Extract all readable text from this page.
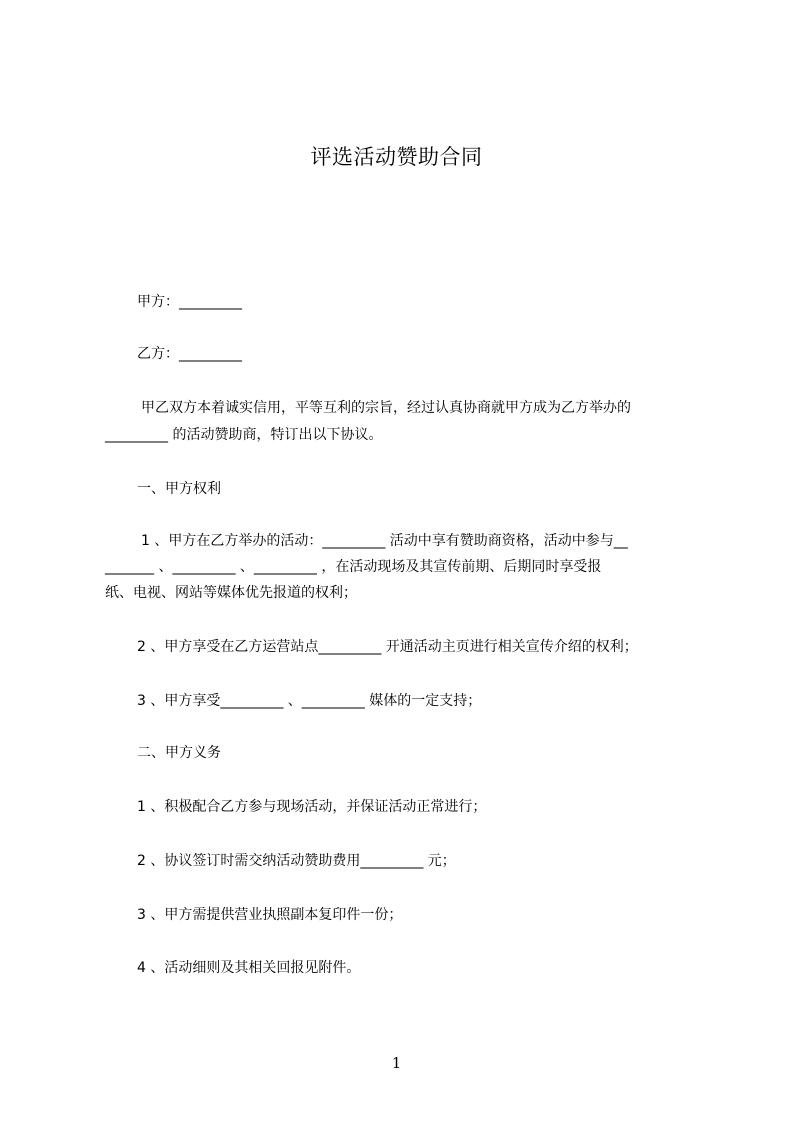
评选活动赞助合同
甲方：_________
乙方：_________
甲乙双方本着诚实信用，平等互利的宗旨，经过认真协商就甲方成为乙方举办的
_________ 的活动赞助商，特订出以下协议。
一、甲方权利
1 、甲方在乙方举办的活动：_________ 活动中享有赞助商资格，活动中参与__
_______ 、_________ 、_________ ，在活动现场及其宣传前期、后期同时享受报
纸、电视、网站等媒体优先报道的权利；
2 、甲方享受在乙方运营站点_________ 开通活动主页进行相关宣传介绍的权利；
3 、甲方享受_________ 、_________ 媒体的一定支持；
二、甲方义务
1 、积极配合乙方参与现场活动，并保证活动正常进行；
2 、协议签订时需交纳活动赞助费用_________ 元；
3 、甲方需提供营业执照副本复印件一份；
4 、活动细则及其相关回报见附件。
1
